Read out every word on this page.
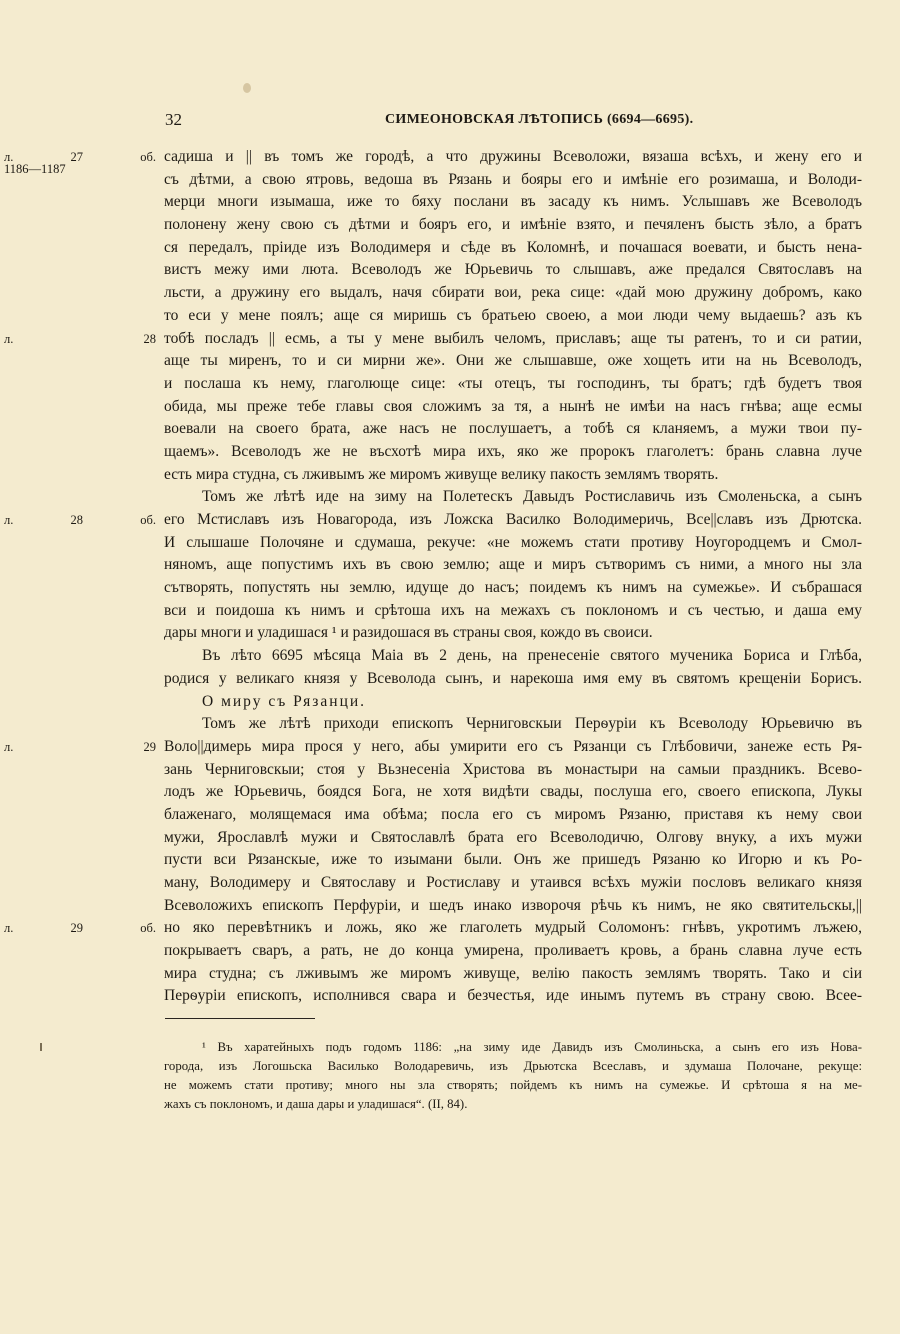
32	СИМЕОНОВСКАЯ ЛѢТОПИСЬ (6694—6695).
садиша и || въ томъ же городѣ, а что дружины Всеволожи, вязаша всѣхъ, и жену его и
л. 27 об.
1186—1187
съ дѣтми, а свою ятровь, ведоша въ Рязань и бояры его и имѣніе его розимаша, и Володи-
мерци многи изымаша, иже то бяху послани въ засаду къ нимъ. Услышавъ же Всеволодъ
полонену жену свою съ дѣтми и бояръ его, и имѣніе взято, и печяленъ бысть зѣло, а братъ
ся передалъ, пріиде изъ Володимеря и сѣде въ Коломнѣ, и почашася воевати, и бысть нена-
вистъ межу ими люта. Всеволодъ же Юрьевичь то слышавъ, аже предался Святославъ на
льсти, а дружину его выдалъ, начя сбирати вои, река сице: «дай мою дружину добромъ, како
то еси у мене поялъ; аще ся миришь съ братьею своею, а мои люди чему выдаешь? азъ къ
тобѣ посладъ || есмь, а ты у мене выбилъ челомъ, приславъ; аще ты ратенъ, то и си ратии,
л. 28
аще ты миренъ, то и си мирни же». Они же слышавше, оже хощеть ити на нь Всеволодъ,
и послаша къ нему, глаголюще сице: «ты отецъ, ты господинъ, ты братъ; гдѣ будетъ твоя
обида, мы преже тебе главы своя сложимъ за тя, а нынѣ не имѣи на насъ гнѣва; аще есмы
воевали на своего брата, аже насъ не послушаетъ, а тобѣ ся кланяемъ, а мужи твои пу-
щаемъ». Всеволодъ же не въсхотѣ мира ихъ, яко же пророкъ глаголетъ: брань славна луче
есть мира студна, съ лживымъ же миромъ живуще велику пакость землямъ творять.
Томъ же лѣтѣ иде на зиму на Полетескъ Давыдъ Ростиславичь изъ Смоленьска, а сынъ
его Мстиславъ изъ Новагорода, изъ Ложска Василко Володимеричь, Все||славъ изъ Дрютска.
л. 28 об.
И слышаше Полочяне и сдумаша, рекуче: «не можемъ стати противу Ноугородцемъ и Смол-
няномъ, аще попустимъ ихъ въ свою землю; аще и миръ сътворимъ съ ними, а много ны зла
сътворять, попустять ны землю, идуще до насъ; поидемъ къ нимъ на сумежье». И събрашася
вси и поидоша къ нимъ и срѣтоша ихъ на межахъ съ поклономъ и съ честью, и даша ему
дары многи и уладишася ¹ и разидошася въ страны своя, кождо въ своиси.
Въ лѣто 6695 мѣсяца Маіа въ 2 день, на пренесеніе святого мученика Бориса и Глѣба,
родися у великаго князя у Всеволода сынъ, и нарекоша имя ему въ святомъ крещеніи Борисъ.
О миру съ Рязанци.
Томъ же лѣтѣ приходи епископъ Черниговскыи Перѳуріи къ Всеволоду Юрьевичю въ
Воло||димерь мира прося у него, абы умирити его съ Рязанци съ Глѣбовичи, занеже есть Ря-
л. 29
зань Черниговскыи; стоя у Вьзнесеніа Христова въ монастыри на самыи праздникъ. Всево-
лодъ же Юрьевичь, боядся Бога, не хотя видѣти свады, послуша его, своего епископа, Лукы
блаженаго, молящемася има обѣма; посла его съ миромъ Рязаню, приставя къ нему свои
мужи, Ярославлѣ мужи и Святославлѣ брата его Всеволодичю, Олгову внуку, а ихъ мужи
пусти вси Рязанскые, иже то изымани были. Онъ же пришедъ Рязаню ко Игорю и къ Ро-
ману, Володимеру и Святославу и Ростиславу и утаився всѣхъ мужіи пословъ великаго князя
Всеволожихъ епископъ Перфуріи, и шедъ инако изворочя рѣчь къ нимъ, не яко святительскы,||
но яко перевѣтникъ и ложь, яко же глаголеть мудрый Соломонъ: гнѣвъ, укротимъ лъжею,
л. 29 об.
покрываетъ сваръ, а рать, не до конца умирена, проливаетъ кровь, а брань славна луче есть
мира студна; съ лживымъ же миромъ живуще, велію пакость землямъ творять. Тако и сіи
Перѳуріи епископъ, исполнився свара и безчестья, иде инымъ путемъ въ страну свою. Всее-
¹ Въ харатейныхъ подъ годомъ 1186: „на зиму иде Давидъ изъ Смолиньска, а сынъ его изъ Нова-
города, изъ Логошьска Василько Володаревичь, изъ Дрьютска Всеславъ, и здумаша Полочане, рекуще:
не можемъ стати противу; много ны зла створять; пойдемъ къ нимъ на сумежье. И срѣтоша я на ме-
жахъ съ поклономъ, и даша дары и уладишася“. (II, 84).
